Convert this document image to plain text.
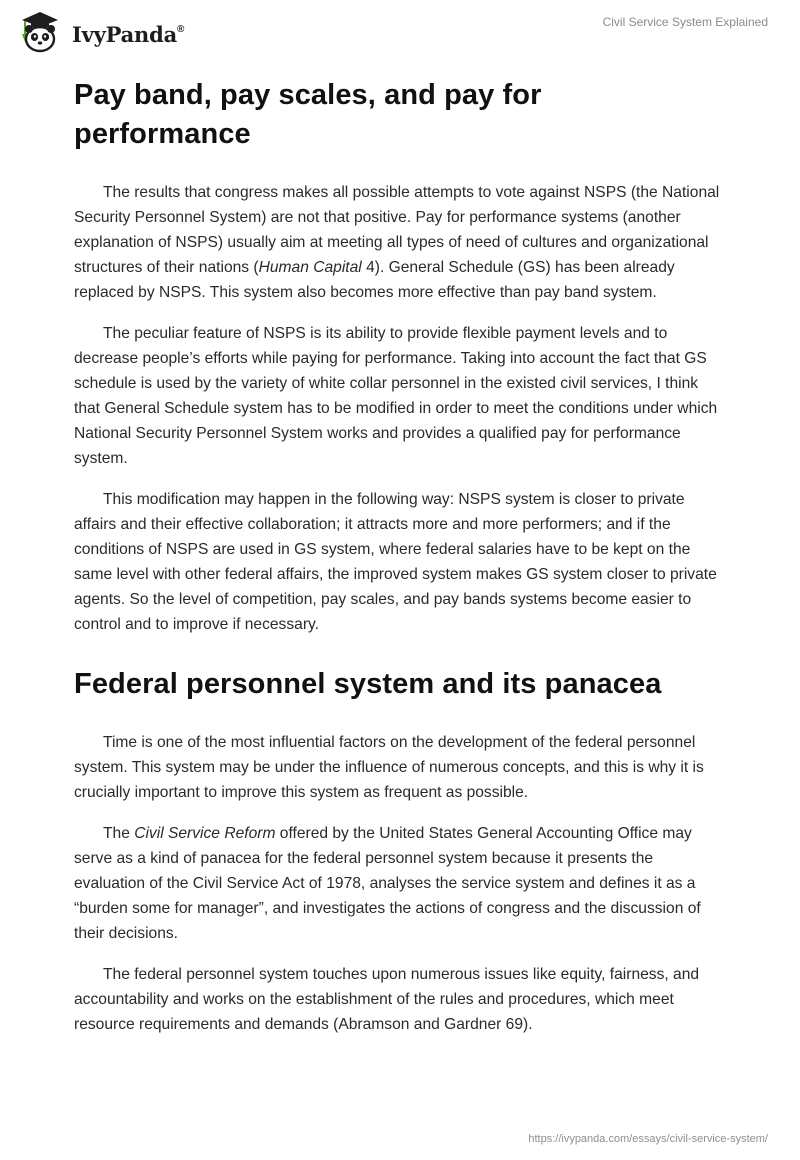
IvyPanda®	Civil Service System Explained
Pay band, pay scales, and pay for
performance

The results that congress makes all possible attempts to vote against NSPS (the National Security Personnel System) are not that positive. Pay for performance systems (another explanation of NSPS) usually aim at meeting all types of need of cultures and organizational structures of their nations (Human Capital 4). General Schedule (GS) has been already replaced by NSPS. This system also becomes more effective than pay band system.

The peculiar feature of NSPS is its ability to provide flexible payment levels and to decrease people’s efforts while paying for performance. Taking into account the fact that GS schedule is used by the variety of white collar personnel in the existed civil services, I think that General Schedule system has to be modified in order to meet the conditions under which National Security Personnel System works and provides a qualified pay for performance system.

This modification may happen in the following way: NSPS system is closer to private affairs and their effective collaboration; it attracts more and more performers; and if the conditions of NSPS are used in GS system, where federal salaries have to be kept on the same level with other federal affairs, the improved system makes GS system closer to private agents. So the level of competition, pay scales, and pay bands systems become easier to control and to improve if necessary.

Federal personnel system and its panacea

Time is one of the most influential factors on the development of the federal personnel system. This system may be under the influence of numerous concepts, and this is why it is crucially important to improve this system as frequent as possible.

The Civil Service Reform offered by the United States General Accounting Office may serve as a kind of panacea for the federal personnel system because it presents the evaluation of the Civil Service Act of 1978, analyses the service system and defines it as a “burden some for manager”, and investigates the actions of congress and the discussion of their decisions.

The federal personnel system touches upon numerous issues like equity, fairness, and accountability and works on the establishment of the rules and procedures, which meet resource requirements and demands (Abramson and Gardner 69).

https://ivypanda.com/essays/civil-service-system/
